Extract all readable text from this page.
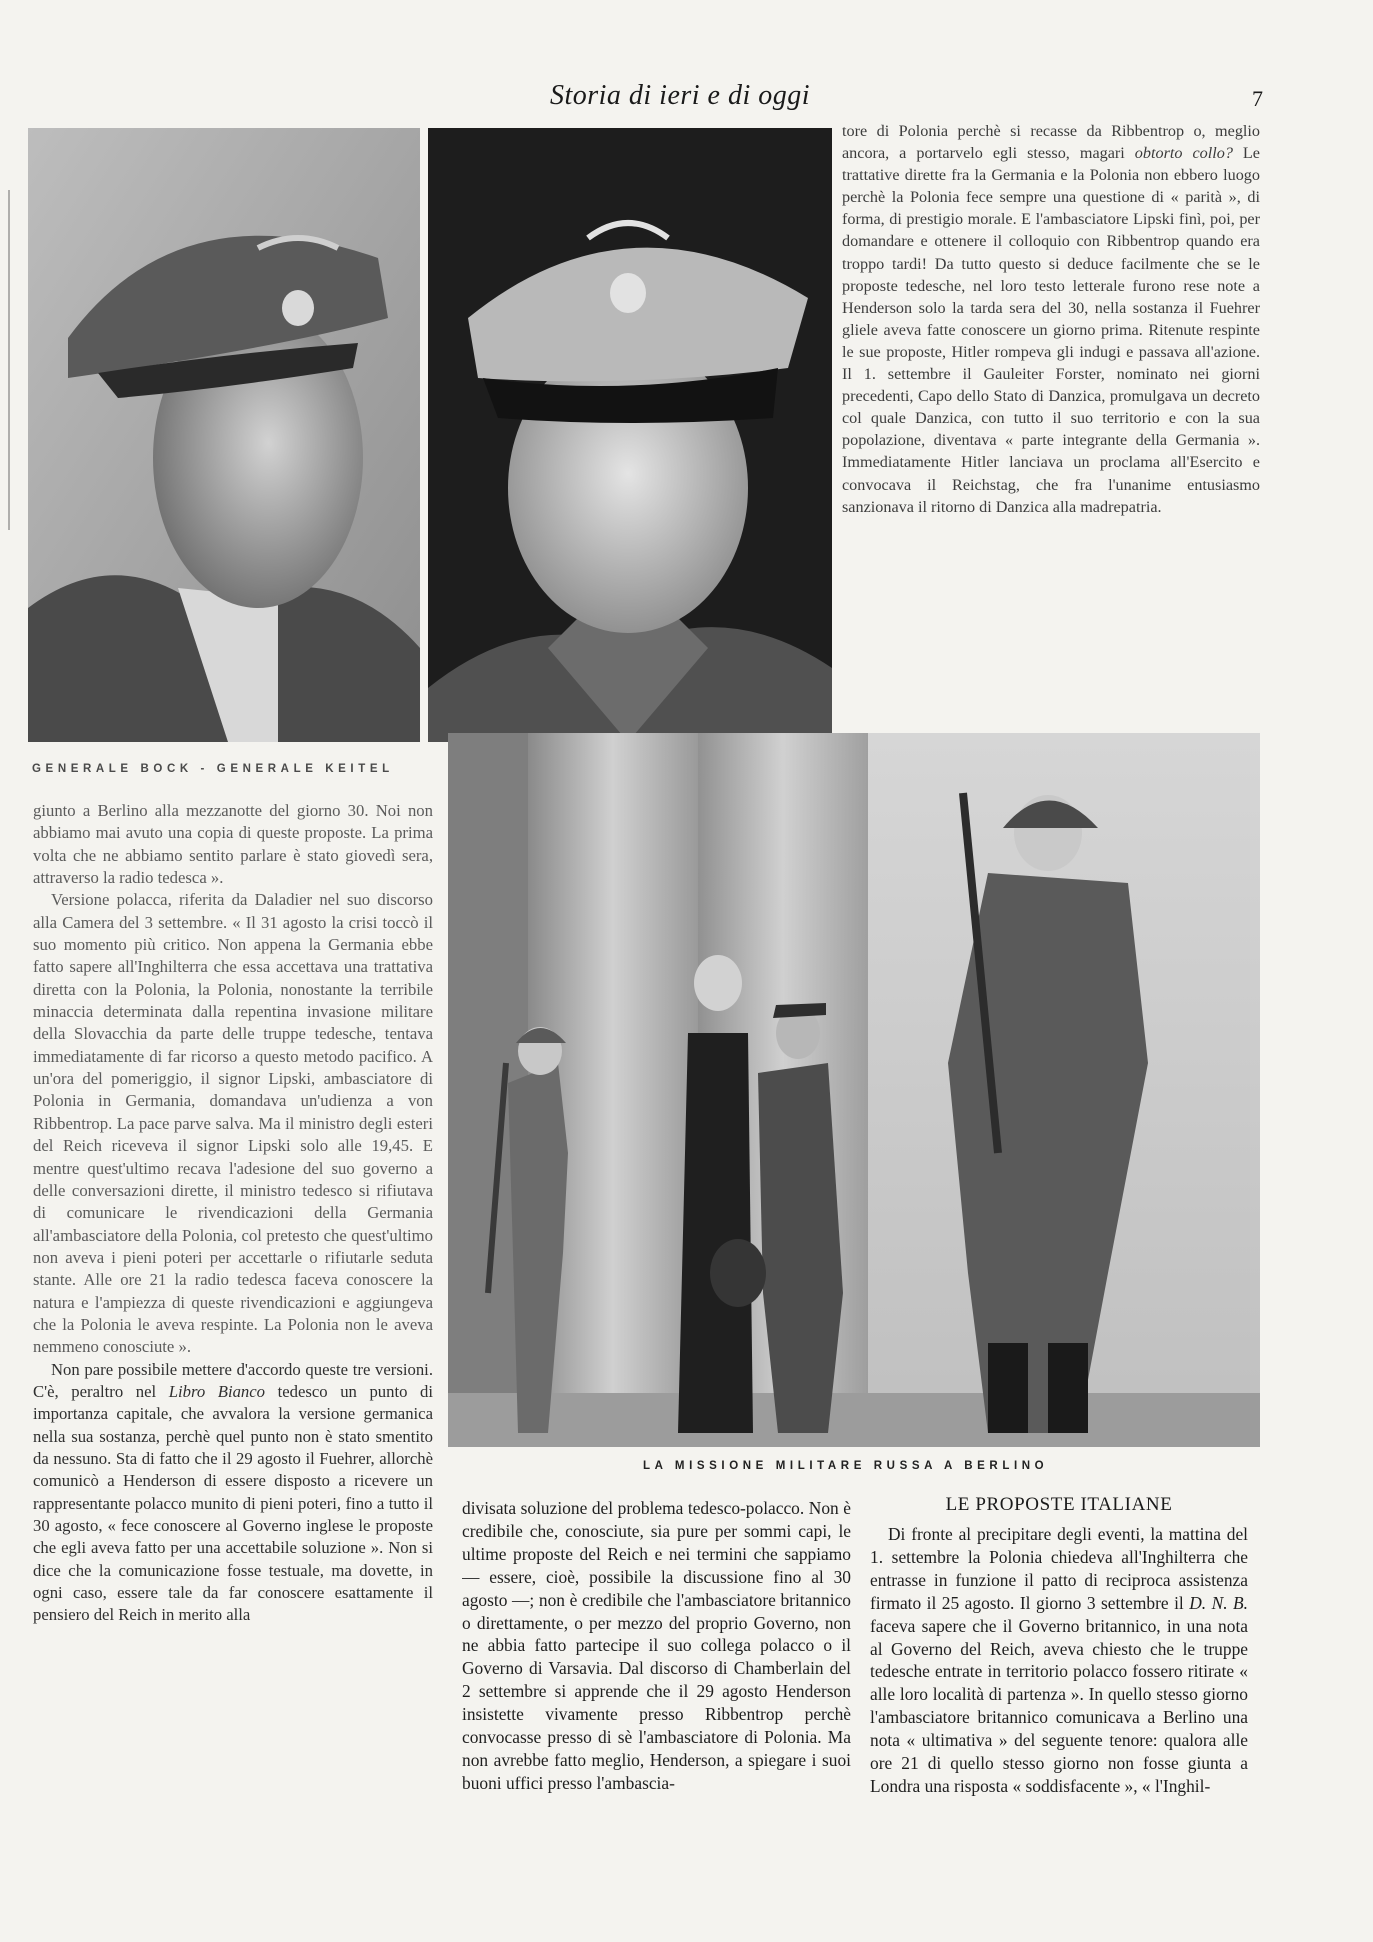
Storia di ieri e di oggi	7
GENERALE BOCK - GENERALE KEITEL

tore di Polonia perchè si recasse da Ribbentrop o, meglio ancora, a portarvelo egli stesso, magari obtorto collo? Le trattative dirette fra la Germania e la Polonia non ebbero luogo perchè la Polonia fece sempre una questione di « parità », di forma, di prestigio morale. E l'ambasciatore Lipski finì, poi, per domandare e ottenere il colloquio con Ribbentrop quando era troppo tardi! Da tutto questo si deduce facilmente che se le proposte tedesche, nel loro testo letterale furono rese note a Henderson solo la tarda sera del 30, nella sostanza il Fuehrer gliele aveva fatte conoscere un giorno prima. Ritenute respinte le sue proposte, Hitler rompeva gli indugi e passava all'azione. Il 1. settembre il Gauleiter Forster, nominato nei giorni precedenti, Capo dello Stato di Danzica, promulgava un decreto col quale Danzica, con tutto il suo territorio e con la sua popolazione, diventava « parte integrante della Germania ». Immediatamente Hitler lanciava un proclama all'Esercito e convocava il Reichstag, che fra l'unanime entusiasmo sanzionava il ritorno di Danzica alla madrepatria.

LA MISSIONE MILITARE RUSSA A BERLINO

giunto a Berlino alla mezzanotte del giorno 30. Noi non abbiamo mai avuto una copia di queste proposte. La prima volta che ne abbiamo sentito parlare è stato giovedì sera, attraverso la radio tedesca ».

Versione polacca, riferita da Daladier nel suo discorso alla Camera del 3 settembre. « Il 31 agosto la crisi toccò il suo momento più critico. Non appena la Germania ebbe fatto sapere all'Inghilterra che essa accettava una trattativa diretta con la Polonia, la Polonia, nonostante la terribile minaccia determinata dalla repentina invasione militare della Slovacchia da parte delle truppe tedesche, tentava immediatamente di far ricorso a questo metodo pacifico. A un'ora del pomeriggio, il signor Lipski, ambasciatore di Polonia in Germania, domandava un'udienza a von Ribbentrop. La pace parve salva. Ma il ministro degli esteri del Reich riceveva il signor Lipski solo alle 19,45. E mentre quest'ultimo recava l'adesione del suo governo a delle conversazioni dirette, il ministro tedesco si rifiutava di comunicare le rivendicazioni della Germania all'ambasciatore della Polonia, col pretesto che quest'ultimo non aveva i pieni poteri per accettarle o rifiutarle seduta stante. Alle ore 21 la radio tedesca faceva conoscere la natura e l'ampiezza di queste rivendicazioni e aggiungeva che la Polonia le aveva respinte. La Polonia non le aveva nemmeno conosciute ».

Non pare possibile mettere d'accordo queste tre versioni. C'è, peraltro nel Libro Bianco tedesco un punto di importanza capitale, che avvalora la versione germanica nella sua sostanza, perchè quel punto non è stato smentito da nessuno. Sta di fatto che il 29 agosto il Fuehrer, allorchè comunicò a Henderson di essere disposto a ricevere un rappresentante polacco munito di pieni poteri, fino a tutto il 30 agosto, « fece conoscere al Governo inglese le proposte che egli aveva fatto per una accettabile soluzione ». Non si dice che la comunicazione fosse testuale, ma dovette, in ogni caso, essere tale da far conoscere esattamente il pensiero del Reich in merito alla

divisata soluzione del problema tedesco-polacco. Non è credibile che, conosciute, sia pure per sommi capi, le ultime proposte del Reich e nei termini che sappiamo — essere, cioè, possibile la discussione fino al 30 agosto —; non è credibile che l'ambasciatore britannico o direttamente, o per mezzo del proprio Governo, non ne abbia fatto partecipe il suo collega polacco o il Governo di Varsavia. Dal discorso di Chamberlain del 2 settembre si apprende che il 29 agosto Henderson insistette vivamente presso Ribbentrop perchè convocasse presso di sè l'ambasciatore di Polonia. Ma non avrebbe fatto meglio, Henderson, a spiegare i suoi buoni uffici presso l'ambascia-

LE PROPOSTE ITALIANE

Di fronte al precipitare degli eventi, la mattina del 1. settembre la Polonia chiedeva all'Inghilterra che entrasse in funzione il patto di reciproca assistenza firmato il 25 agosto. Il giorno 3 settembre il D. N. B. faceva sapere che il Governo britannico, in una nota al Governo del Reich, aveva chiesto che le truppe tedesche entrate in territorio polacco fossero ritirate « alle loro località di partenza ». In quello stesso giorno l'ambasciatore britannico comunicava a Berlino una nota « ultimativa » del seguente tenore: qualora alle ore 21 di quello stesso giorno non fosse giunta a Londra una risposta « soddisfacente », « l'Inghil-
